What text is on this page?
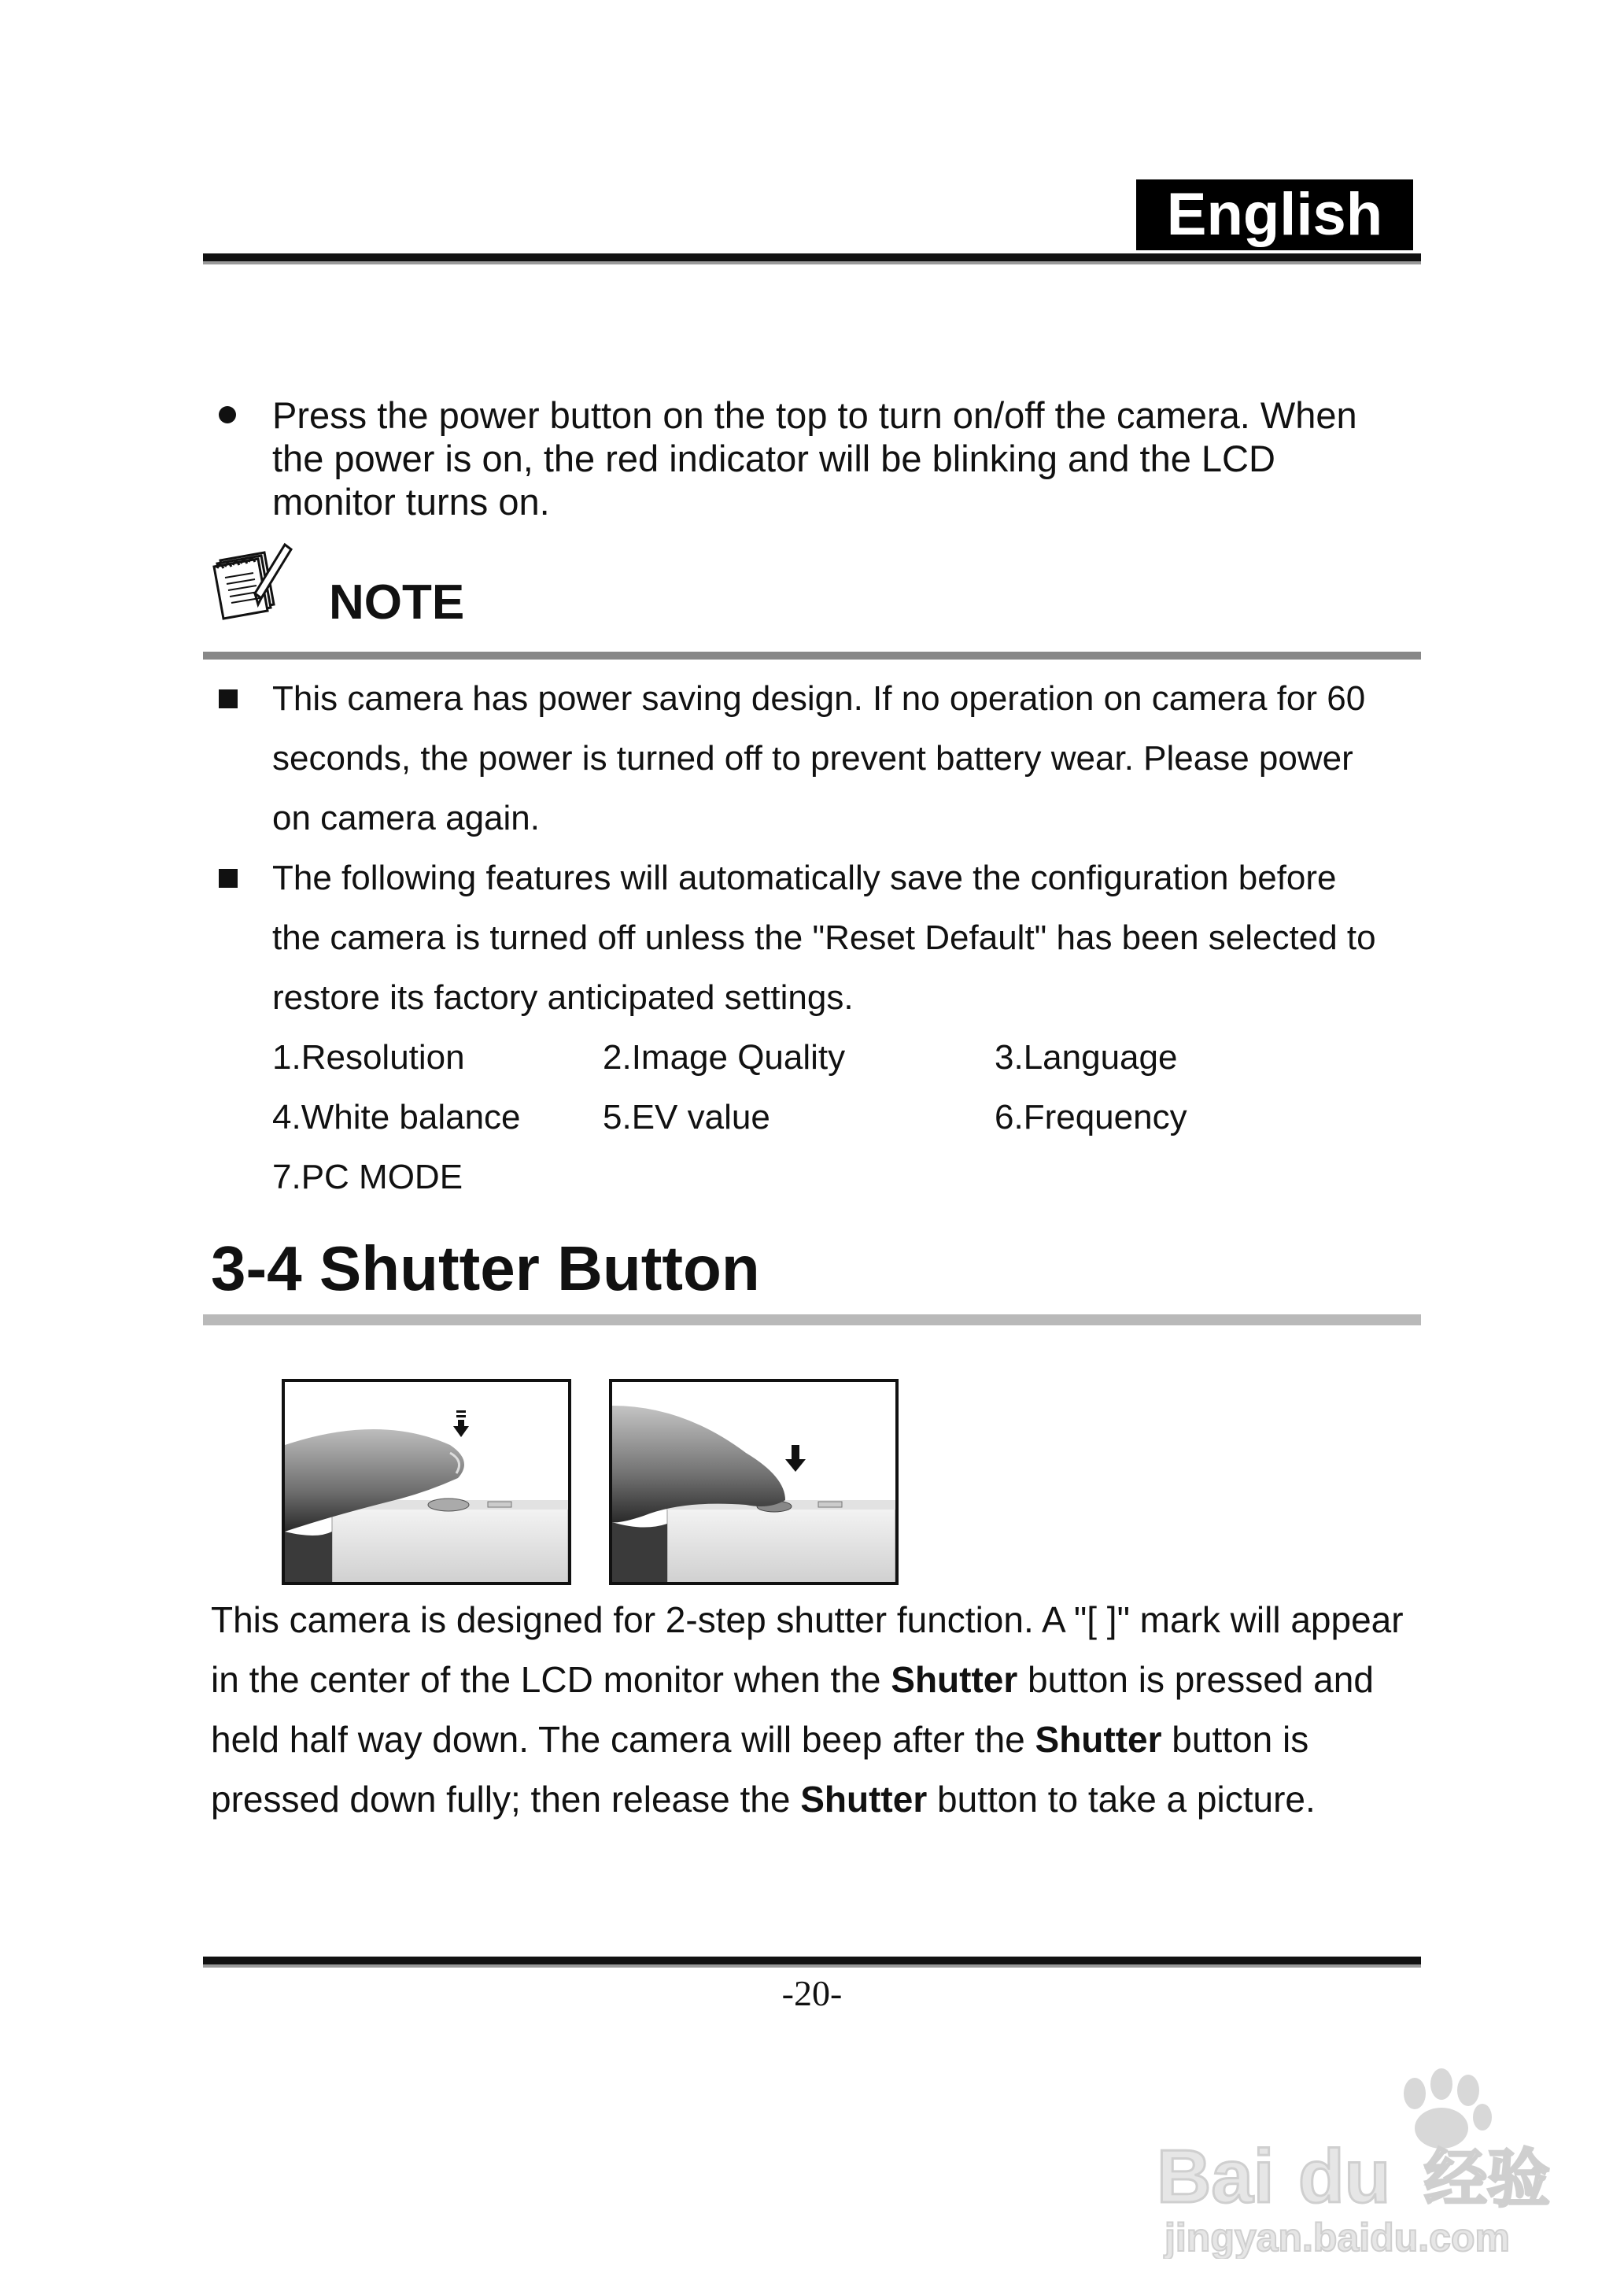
English
Press the power button on the top to turn on/off the camera. When
the power is on, the red indicator will be blinking and the LCD
monitor turns on.
NOTE
This camera has power saving design. If no operation on camera for 60
seconds, the power is turned off to prevent battery wear. Please power
on camera again.
The following features will automatically save the configuration before
the camera is turned off unless the "Reset Default" has been selected to
restore its factory anticipated settings.
1.Resolution	2.Image Quality	3.Language
4.White balance 5.EV value	6.Frequency
7.PC MODE
3-4 Shutter Button
This camera is designed for 2-step shutter function. A "[ ]" mark will appear in the center of the LCD monitor when the Shutter button is pressed and held half way down. The camera will beep after the Shutter button is pressed down fully; then release the Shutter button to take a picture.
-20-
Bai du 经验
jingyan.baidu.com
